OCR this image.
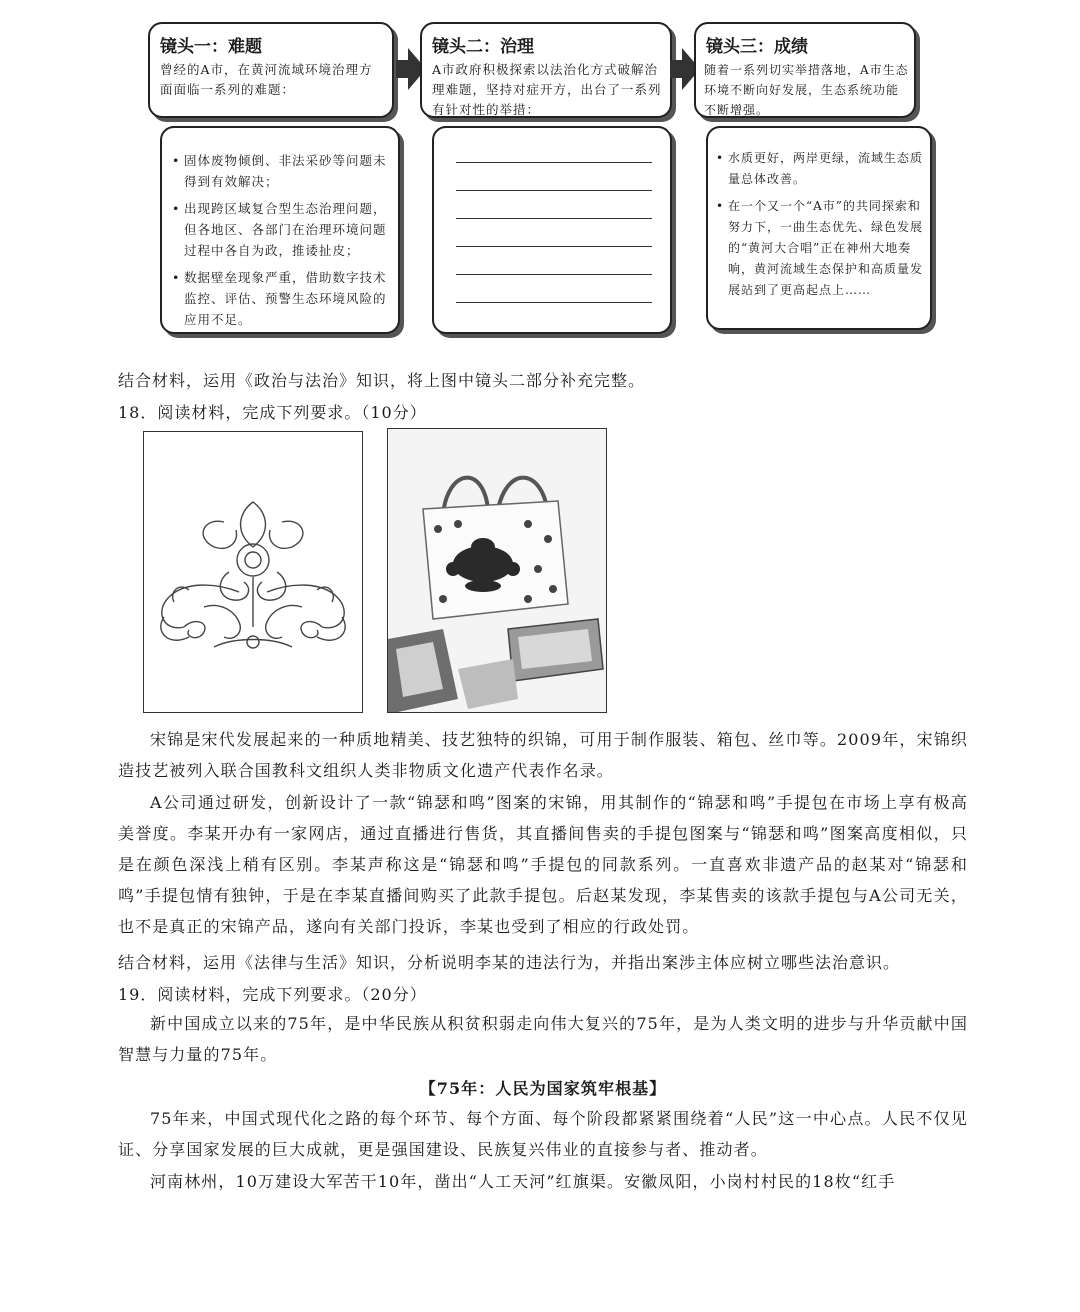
镜头一：难题
曾经的A市，在黄河流域环境治理方面面临一系列的难题：
• 固体废物倾倒、非法采砂等问题未得到有效解决；
• 出现跨区域复合型生态治理问题，但各地区、各部门在治理环境问题过程中各自为政，推诿扯皮；
• 数据壁垒现象严重，借助数字技术监控、评估、预警生态环境风险的应用不足。
镜头二：治理
A市政府积极探索以法治化方式破解治理难题，坚持对症开方，出台了一系列有针对性的举措：
镜头三：成绩
随着一系列切实举措落地，A市生态环境不断向好发展，生态系统功能不断增强。
• 水质更好，两岸更绿，流域生态质量总体改善。
• 在一个又一个“A市”的共同探索和努力下，一曲生态优先、绿色发展的“黄河大合唱”正在神州大地奏响，黄河流域生态保护和高质量发展站到了更高起点上……
结合材料，运用《政治与法治》知识，将上图中镜头二部分补充完整。
18．阅读材料，完成下列要求。（10分）
宋锦是宋代发展起来的一种质地精美、技艺独特的织锦，可用于制作服装、箱包、丝巾等。2009年，宋锦织造技艺被列入联合国教科文组织人类非物质文化遗产代表作名录。
A公司通过研发，创新设计了一款“锦瑟和鸣”图案的宋锦，用其制作的“锦瑟和鸣”手提包在市场上享有极高美誉度。李某开办有一家网店，通过直播进行售货，其直播间售卖的手提包图案与“锦瑟和鸣”图案高度相似，只是在颜色深浅上稍有区别。李某声称这是“锦瑟和鸣”手提包的同款系列。一直喜欢非遗产品的赵某对“锦瑟和鸣”手提包情有独钟，于是在李某直播间购买了此款手提包。后赵某发现，李某售卖的该款手提包与A公司无关，也不是真正的宋锦产品，遂向有关部门投诉，李某也受到了相应的行政处罚。
结合材料，运用《法律与生活》知识，分析说明李某的违法行为，并指出案涉主体应树立哪些法治意识。
19．阅读材料，完成下列要求。（20分）
新中国成立以来的75年，是中华民族从积贫积弱走向伟大复兴的75年，是为人类文明的进步与升华贡献中国智慧与力量的75年。
【75年：人民为国家筑牢根基】
75年来，中国式现代化之路的每个环节、每个方面、每个阶段都紧紧围绕着“人民”这一中心点。人民不仅见证、分享国家发展的巨大成就，更是强国建设、民族复兴伟业的直接参与者、推动者。
河南林州，10万建设大军苦干10年，凿出“人工天河”红旗渠。安徽凤阳，小岗村村民的18枚“红手
